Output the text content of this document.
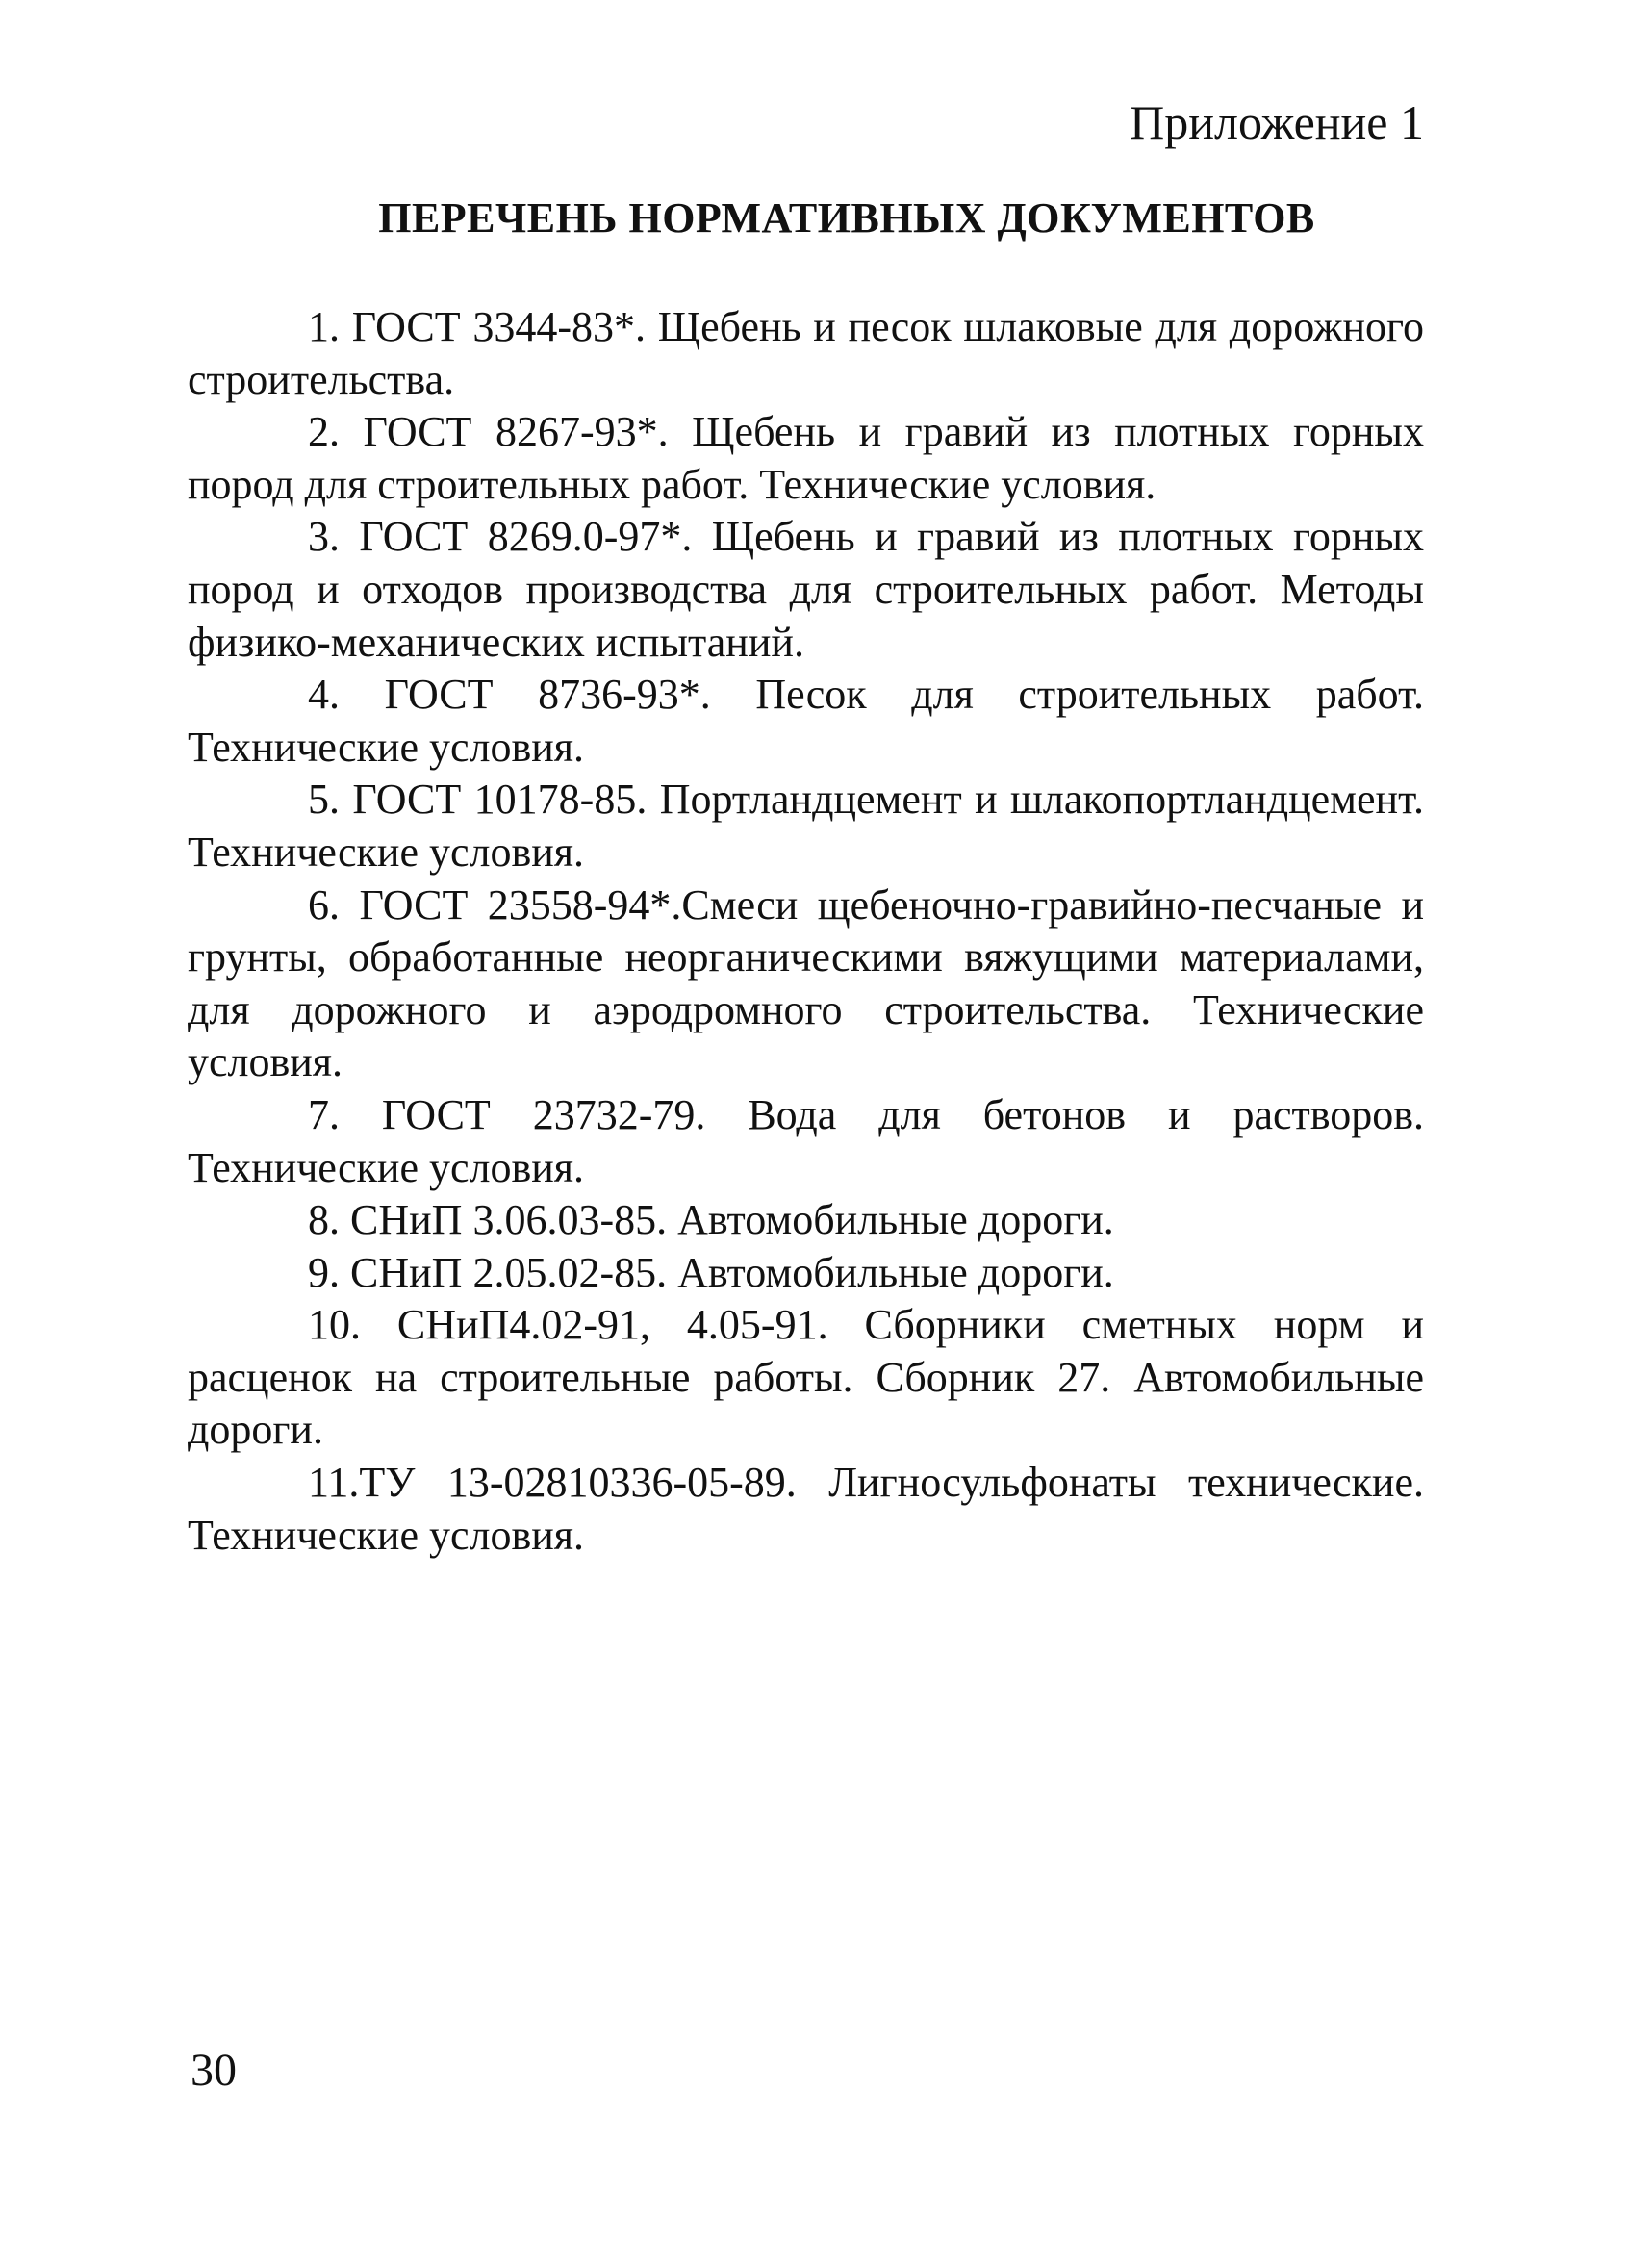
Приложение 1
ПЕРЕЧЕНЬ НОРМАТИВНЫХ ДОКУМЕНТОВ

1. ГОСТ 3344-83*. Щебень и песок шлаковые для дорожного строительства.

2. ГОСТ 8267-93*. Щебень и гравий из плотных горных пород для строительных работ. Технические условия.

3. ГОСТ 8269.0-97*. Щебень и гравий из плотных горных пород и отходов производства для строительных работ. Методы физико-механических испытаний.

4. ГОСТ 8736-93*. Песок для строительных работ. Технические условия.

5. ГОСТ 10178-85. Портландцемент и шлакопортландцемент. Технические условия.

6. ГОСТ 23558-94*.Смеси щебеночно-гравийно-песчаные и грунты, обработанные неорганическими вяжущими материалами, для дорожного и аэродромного строительства. Технические условия.

7. ГОСТ 23732-79. Вода для бетонов и растворов. Технические условия.

8. СНиП 3.06.03-85. Автомобильные дороги.

9. СНиП 2.05.02-85. Автомобильные дороги.

10. СНиП4.02-91, 4.05-91. Сборники сметных норм и расценок на строительные работы. Сборник 27. Автомобильные дороги.

11.ТУ 13-02810336-05-89. Лигносульфонаты технические. Технические условия.

30
